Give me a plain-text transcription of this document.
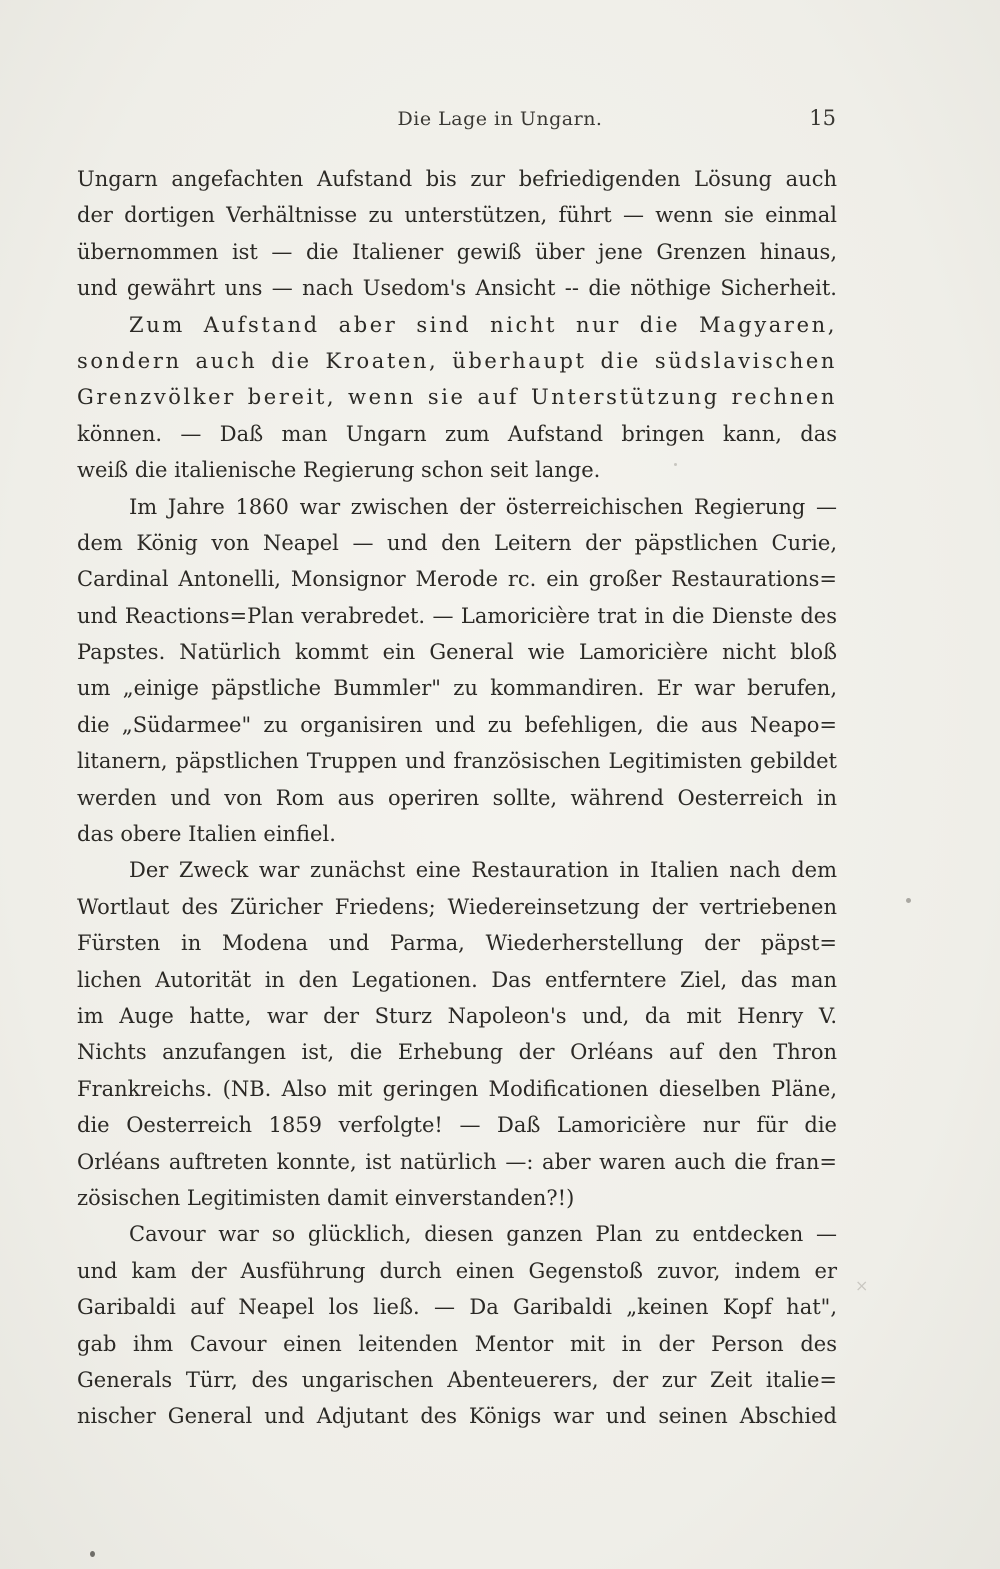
Die Lage in Ungarn.	15
Ungarn angefachten Aufstand bis zur befriedigenden Lösung auch
der dortigen Verhältnisse zu unterstützen, führt — wenn sie einmal
übernommen ist — die Italiener gewiß über jene Grenzen hinaus,
und gewährt uns — nach Usedom's Ansicht -- die nöthige Sicherheit.
Zum Aufstand aber sind nicht nur die Magyaren,
sondern auch die Kroaten, überhaupt die südslavischen
Grenzvölker bereit, wenn sie auf Unterstützung rechnen
können. — Daß man Ungarn zum Aufstand bringen kann, das
weiß die italienische Regierung schon seit lange.
Im Jahre 1860 war zwischen der österreichischen Regierung —
dem König von Neapel — und den Leitern der päpstlichen Curie,
Cardinal Antonelli, Monsignor Merode rc. ein großer Restaurations=
und Reactions=Plan verabredet. — Lamoricière trat in die Dienste des
Papstes. Natürlich kommt ein General wie Lamoricière nicht bloß
um „einige päpstliche Bummler" zu kommandiren. Er war berufen,
die „Südarmee" zu organisiren und zu befehligen, die aus Neapo=
litanern, päpstlichen Truppen und französischen Legitimisten gebildet
werden und von Rom aus operiren sollte, während Oesterreich in
das obere Italien einfiel.
Der Zweck war zunächst eine Restauration in Italien nach dem
Wortlaut des Züricher Friedens; Wiedereinsetzung der vertriebenen
Fürsten in Modena und Parma, Wiederherstellung der päpst=
lichen Autorität in den Legationen. Das entferntere Ziel, das man
im Auge hatte, war der Sturz Napoleon's und, da mit Henry V.
Nichts anzufangen ist, die Erhebung der Orléans auf den Thron
Frankreichs. (NB. Also mit geringen Modificationen dieselben Pläne,
die Oesterreich 1859 verfolgte! — Daß Lamoricière nur für die
Orléans auftreten konnte, ist natürlich —: aber waren auch die fran=
zösischen Legitimisten damit einverstanden?!)
Cavour war so glücklich, diesen ganzen Plan zu entdecken —
und kam der Ausführung durch einen Gegenstoß zuvor, indem er
Garibaldi auf Neapel los ließ. — Da Garibaldi „keinen Kopf hat",
gab ihm Cavour einen leitenden Mentor mit in der Person des
Generals Türr, des ungarischen Abenteuerers, der zur Zeit italie=
nischer General und Adjutant des Königs war und seinen Abschied
×
